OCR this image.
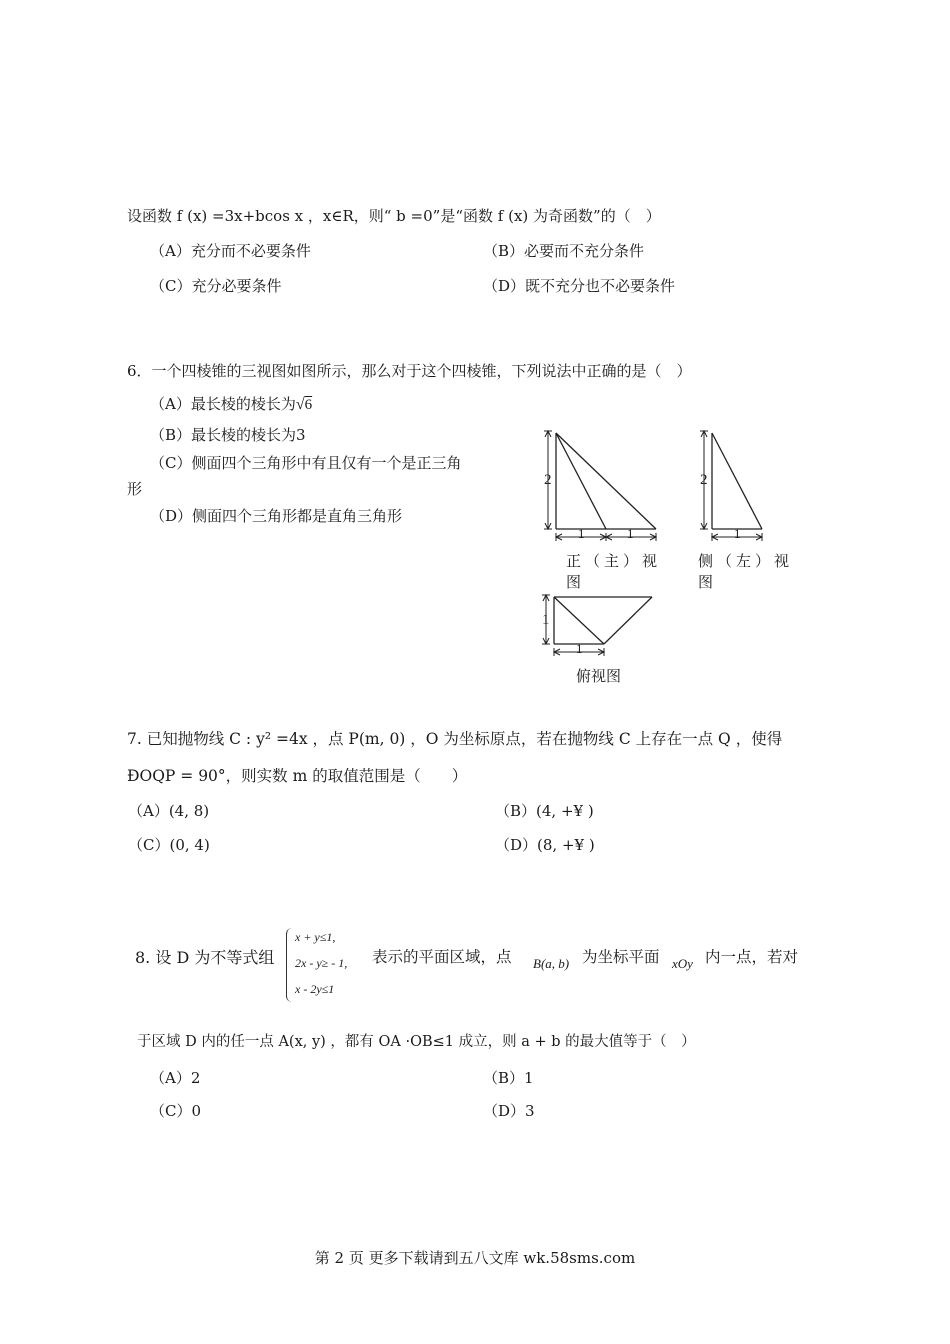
设函数 f (x) =3x+bcos x ，x∈R，则“ b =0”是“函数 f (x) 为奇函数”的（　）
（A）充分而不必要条件	（B）必要而不充分条件
（C）充分必要条件	（D）既不充分也不必要条件
6．一个四棱锥的三视图如图所示，那么对于这个四棱锥，下列说法中正确的是（　）
（A）最长棱的棱长为√6
（B）最长棱的棱长为3
（C）侧面四个三角形中有且仅有一个是正三角
形
（D）侧面四个三角形都是直角三角形
2
1	1
2
1
1
1
正（主）视
图
侧（左）视
图
俯视图
7. 已知抛物线 C : y² =4x ，点 P(m, 0) ，O 为坐标原点，若在抛物线 C 上存在一点 Q ，使得
ÐOQP = 90°，则实数 m 的取值范围是（　　）
（A）(4, 8)	（B）(4, +¥ )
（C）(0, 4)	（D）(8, +¥ )
8. 设 D 为不等式组
x + y≤1,
2x - y≥ - 1,
x - 2y≤1
表示的平面区域，点 B(a, b) 为坐标平面 xOy 内一点，若对
于区域 D 内的任一点 A(x, y) ，都有 OA ·OB≤1 成立，则 a + b 的最大值等于（　）
（A）2	（B）1
（C）0	（D）3
第 2 页 更多下载请到五八文库 wk.58sms.com
